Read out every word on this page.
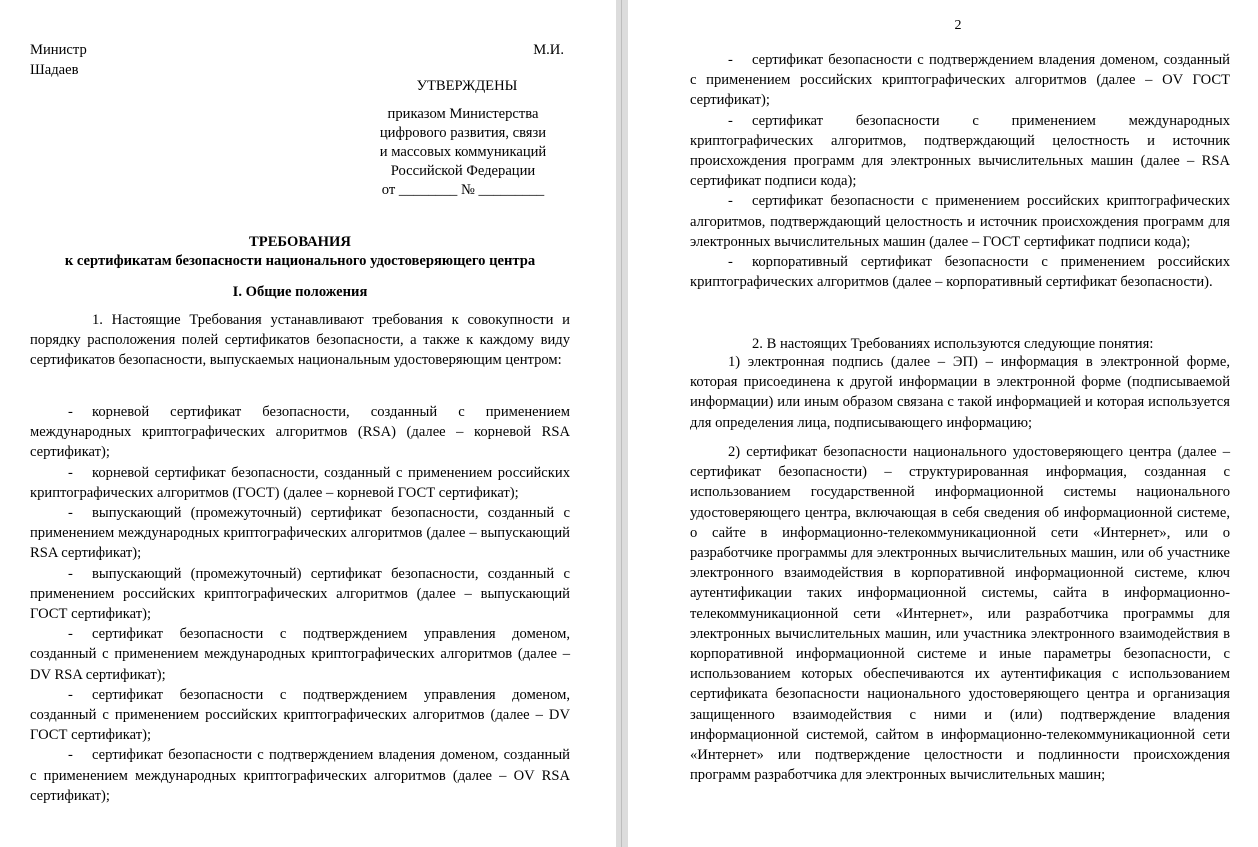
Министр	М.И.
Шадаев
УТВЕРЖДЕНЫ
приказом Министерства
цифрового развития, связи
и массовых коммуникаций
Российской Федерации
от ________ № _________
ТРЕБОВАНИЯ
к сертификатам безопасности национального удостоверяющего центра
I. Общие положения

1. Настоящие Требования устанавливают требования к совокупности и порядку расположения полей сертификатов безопасности, а также к каждому виду сертификатов безопасности, выпускаемых национальным удостоверяющим центром:

- корневой сертификат безопасности, созданный с применением международных криптографических алгоритмов (RSA) (далее – корневой RSA сертификат);

- корневой сертификат безопасности, созданный с применением российских криптографических алгоритмов (ГОСТ) (далее – корневой ГОСТ сертификат);

- выпускающий (промежуточный) сертификат безопасности, созданный с применением международных криптографических алгоритмов (далее – выпускающий RSA сертификат);

- выпускающий (промежуточный) сертификат безопасности, созданный с применением российских криптографических алгоритмов (далее – выпускающий ГОСТ сертификат);

- сертификат безопасности с подтверждением управления доменом, созданный с применением международных криптографических алгоритмов (далее – DV RSA сертификат);

- сертификат безопасности с подтверждением управления доменом, созданный с применением российских криптографических алгоритмов (далее – DV ГОСТ сертификат);

- сертификат безопасности с подтверждением владения доменом, созданный с применением международных криптографических алгоритмов (далее – OV RSA сертификат);

2

- сертификат безопасности с подтверждением владения доменом, созданный с применением российских криптографических алгоритмов (далее – OV ГОСТ сертификат);

- сертификат безопасности с применением международных криптографических алгоритмов, подтверждающий целостность и источник происхождения программ для электронных вычислительных машин (далее – RSA сертификат подписи кода);

- сертификат безопасности с применением российских криптографических алгоритмов, подтверждающий целостность и источник происхождения программ для электронных вычислительных машин (далее – ГОСТ сертификат подписи кода);

- корпоративный сертификат безопасности с применением российских криптографических алгоритмов (далее – корпоративный сертификат безопасности).

2. В настоящих Требованиях используются следующие понятия:

1) электронная подпись (далее – ЭП) – информация в электронной форме, которая присоединена к другой информации в электронной форме (подписываемой информации) или иным образом связана с такой информацией и которая используется для определения лица, подписывающего информацию;

2) сертификат безопасности национального удостоверяющего центра (далее – сертификат безопасности) – структурированная информация, созданная с использованием государственной информационной системы национального удостоверяющего центра, включающая в себя сведения об информационной системе, о сайте в информационно-телекоммуникационной сети «Интернет», или о разработчике программы для электронных вычислительных машин, или об участнике электронного взаимодействия в корпоративной информационной системе, ключ аутентификации таких информационной системы, сайта в информационно-телекоммуникационной сети «Интернет», или разработчика программы для электронных вычислительных машин, или участника электронного взаимодействия в корпоративной информационной системе и иные параметры безопасности, с использованием которых обеспечиваются их аутентификация с использованием сертификата безопасности национального удостоверяющего центра и организация защищенного взаимодействия с ними и (или) подтверждение владения информационной системой, сайтом в информационно-телекоммуникационной сети «Интернет» или подтверждение целостности и подлинности происхождения программ разработчика для электронных вычислительных машин;
